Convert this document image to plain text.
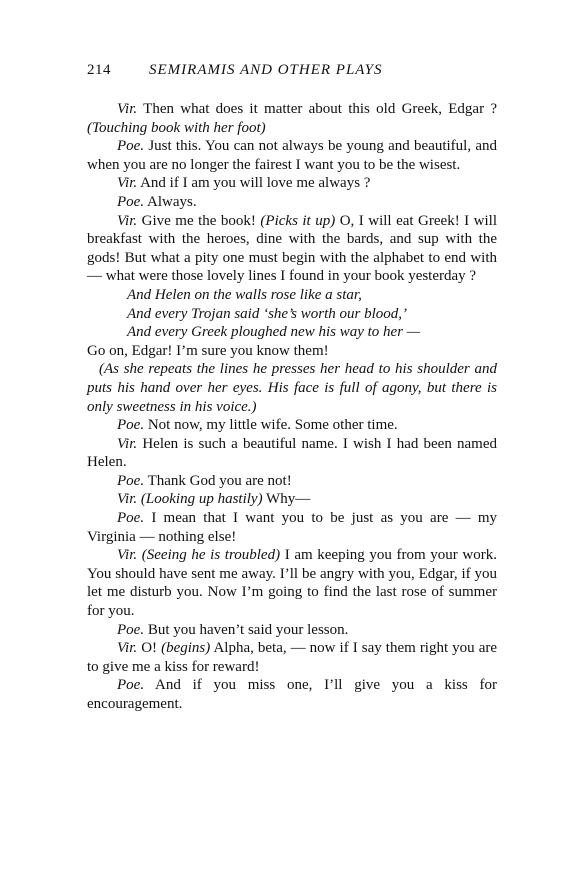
214	SEMIRAMIS AND OTHER PLAYS

Vir. Then what does it matter about this old Greek, Edgar ? (Touching book with her foot)

Poe. Just this. You can not always be young and beautiful, and when you are no longer the fairest I want you to be the wisest.

Vir. And if I am you will love me always ?

Poe. Always.

Vir. Give me the book! (Picks it up) O, I will eat Greek! I will breakfast with the heroes, dine with the bards, and sup with the gods! But what a pity one must begin with the alphabet to end with — what were those lovely lines I found in your book yesterday ?

And Helen on the walls rose like a star,

And every Trojan said ‘she’s worth our blood,’

And every Greek ploughed new his way to her —

Go on, Edgar! I’m sure you know them!

(As she repeats the lines he presses her head to his shoulder and puts his hand over her eyes. His face is full of agony, but there is only sweetness in his voice.)

Poe. Not now, my little wife. Some other time.

Vir. Helen is such a beautiful name. I wish I had been named Helen.

Poe. Thank God you are not!

Vir. (Looking up hastily) Why—

Poe. I mean that I want you to be just as you are — my Virginia — nothing else!

Vir. (Seeing he is troubled) I am keeping you from your work. You should have sent me away. I’ll be angry with you, Edgar, if you let me disturb you. Now I’m going to find the last rose of summer for you.

Poe. But you haven’t said your lesson.

Vir. O! (begins) Alpha, beta, — now if I say them right you are to give me a kiss for reward!

Poe. And if you miss one, I’ll give you a kiss for encouragement.
